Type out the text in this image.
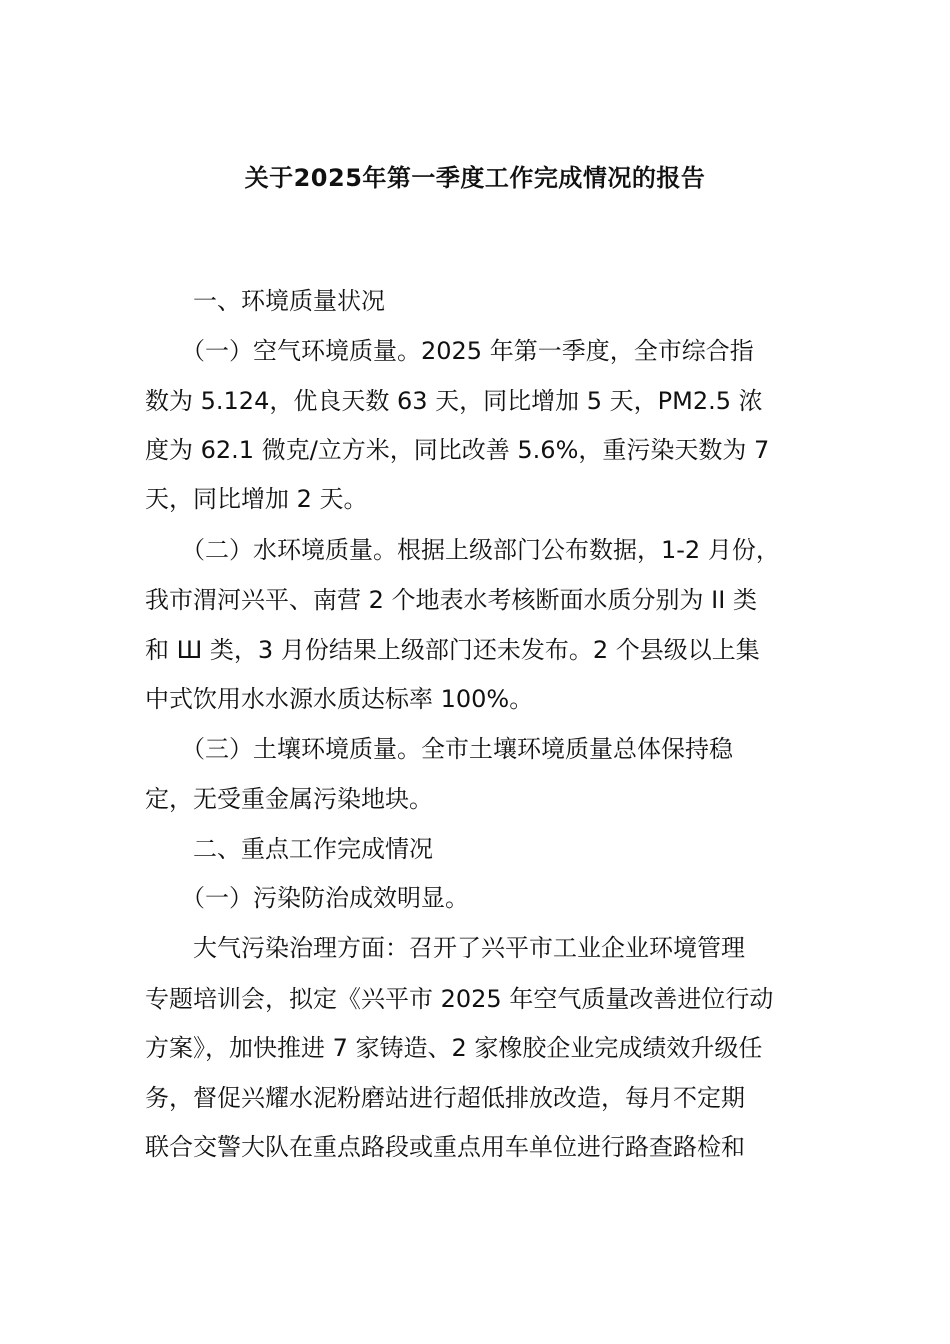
关于2025年第一季度工作完成情况的报告

　　一、环境质量状况

　　（一）空气环境质量。2025 年第一季度，全市综合指

数为 5.124，优良天数 63 天，同比增加 5 天，PM2.5 浓

度为 62.1 微克/立方米，同比改善 5.6%，重污染天数为 7

天，同比增加 2 天。

　　（二）水环境质量。根据上级部门公布数据，1-2 月份，

我市渭河兴平、南营 2 个地表水考核断面水质分别为 II 类

和 Ш 类，3 月份结果上级部门还未发布。2 个县级以上集

中式饮用水水源水质达标率 100%。

　　（三）土壤环境质量。全市土壤环境质量总体保持稳

定，无受重金属污染地块。

　　二、重点工作完成情况

　　（一）污染防治成效明显。

　　大气污染治理方面：召开了兴平市工业企业环境管理

专题培训会，拟定《兴平市 2025 年空气质量改善进位行动

方案》，加快推进 7 家铸造、2 家橡胶企业完成绩效升级任

务，督促兴耀水泥粉磨站进行超低排放改造，每月不定期

联合交警大队在重点路段或重点用车单位进行路查路检和
